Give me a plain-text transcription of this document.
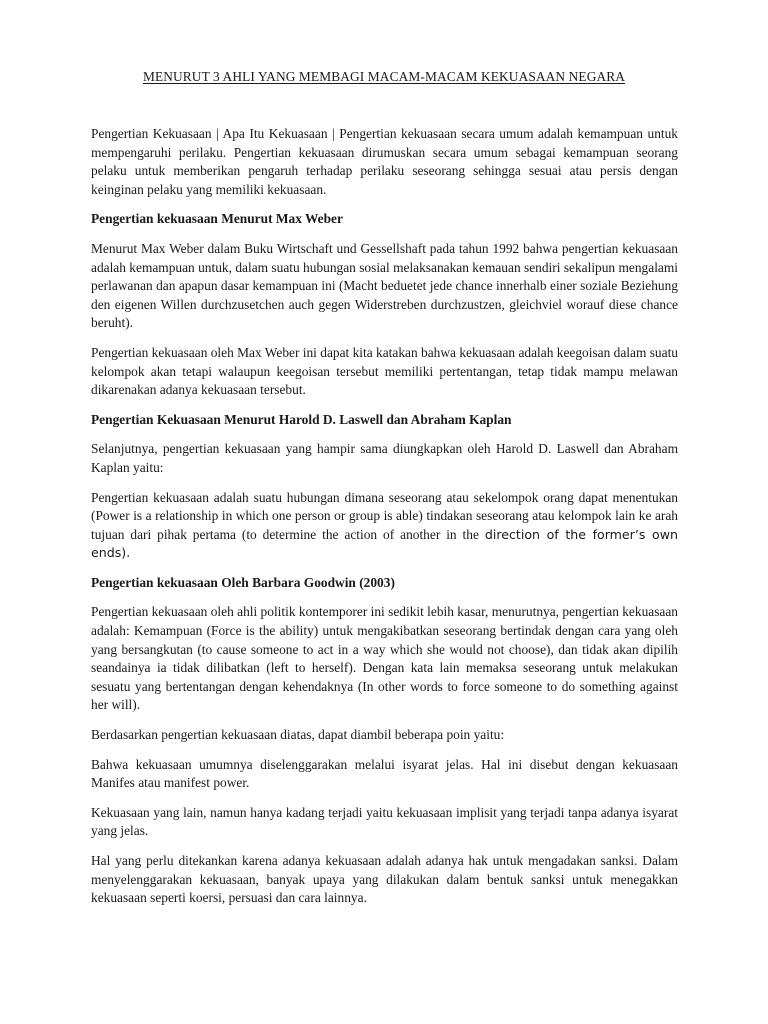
MENURUT 3 AHLI YANG MEMBAGI MACAM-MACAM KEKUASAAN NEGARA

Pengertian Kekuasaan | Apa Itu Kekuasaan | Pengertian kekuasaan secara umum adalah kemampuan untuk mempengaruhi perilaku. Pengertian kekuasaan dirumuskan secara umum sebagai kemampuan seorang pelaku untuk memberikan pengaruh terhadap perilaku seseorang sehingga sesuai atau persis dengan keinginan pelaku yang memiliki kekuasaan.

Pengertian kekuasaan Menurut Max Weber

Menurut Max Weber dalam Buku Wirtschaft und Gessellshaft pada tahun 1992 bahwa pengertian kekuasaan adalah kemampuan untuk, dalam suatu hubungan sosial melaksanakan kemauan sendiri sekalipun mengalami perlawanan dan apapun dasar kemampuan ini (Macht beduetet jede chance innerhalb einer soziale Beziehung den eigenen Willen durchzusetchen auch gegen Widerstreben durchzustzen, gleichviel worauf diese chance beruht).

Pengertian kekuasaan oleh Max Weber ini dapat kita katakan bahwa kekuasaan adalah keegoisan dalam suatu kelompok akan tetapi walaupun keegoisan tersebut memiliki pertentangan, tetap tidak mampu melawan dikarenakan adanya kekuasaan tersebut.

Pengertian Kekuasaan Menurut Harold D. Laswell dan Abraham Kaplan

Selanjutnya, pengertian kekuasaan yang hampir sama diungkapkan oleh Harold D. Laswell dan Abraham Kaplan yaitu:

Pengertian kekuasaan adalah suatu hubungan dimana seseorang atau sekelompok orang dapat menentukan (Power is a relationship in which one person or group is able) tindakan seseorang atau kelompok lain ke arah tujuan dari pihak pertama (to determine the action of another in the direction of the former’s own ends).

Pengertian kekuasaan Oleh Barbara Goodwin (2003)

Pengertian kekuasaan oleh ahli politik kontemporer ini sedikit lebih kasar, menurutnya, pengertian kekuasaan adalah: Kemampuan (Force is the ability) untuk mengakibatkan seseorang bertindak dengan cara yang oleh yang bersangkutan (to cause someone to act in a way which she would not choose), dan tidak akan dipilih seandainya ia tidak dilibatkan (left to herself). Dengan kata lain memaksa seseorang untuk melakukan sesuatu yang bertentangan dengan kehendaknya (In other words to force someone to do something against her will).

Berdasarkan pengertian kekuasaan diatas, dapat diambil beberapa poin yaitu:

Bahwa kekuasaan umumnya diselenggarakan melalui isyarat jelas. Hal ini disebut dengan kekuasaan Manifes atau manifest power.

Kekuasaan yang lain, namun hanya kadang terjadi yaitu kekuasaan implisit yang terjadi tanpa adanya isyarat yang jelas.

Hal yang perlu ditekankan karena adanya kekuasaan adalah adanya hak untuk mengadakan sanksi. Dalam menyelenggarakan kekuasaan, banyak upaya yang dilakukan dalam bentuk sanksi untuk menegakkan kekuasaan seperti koersi, persuasi dan cara lainnya.
